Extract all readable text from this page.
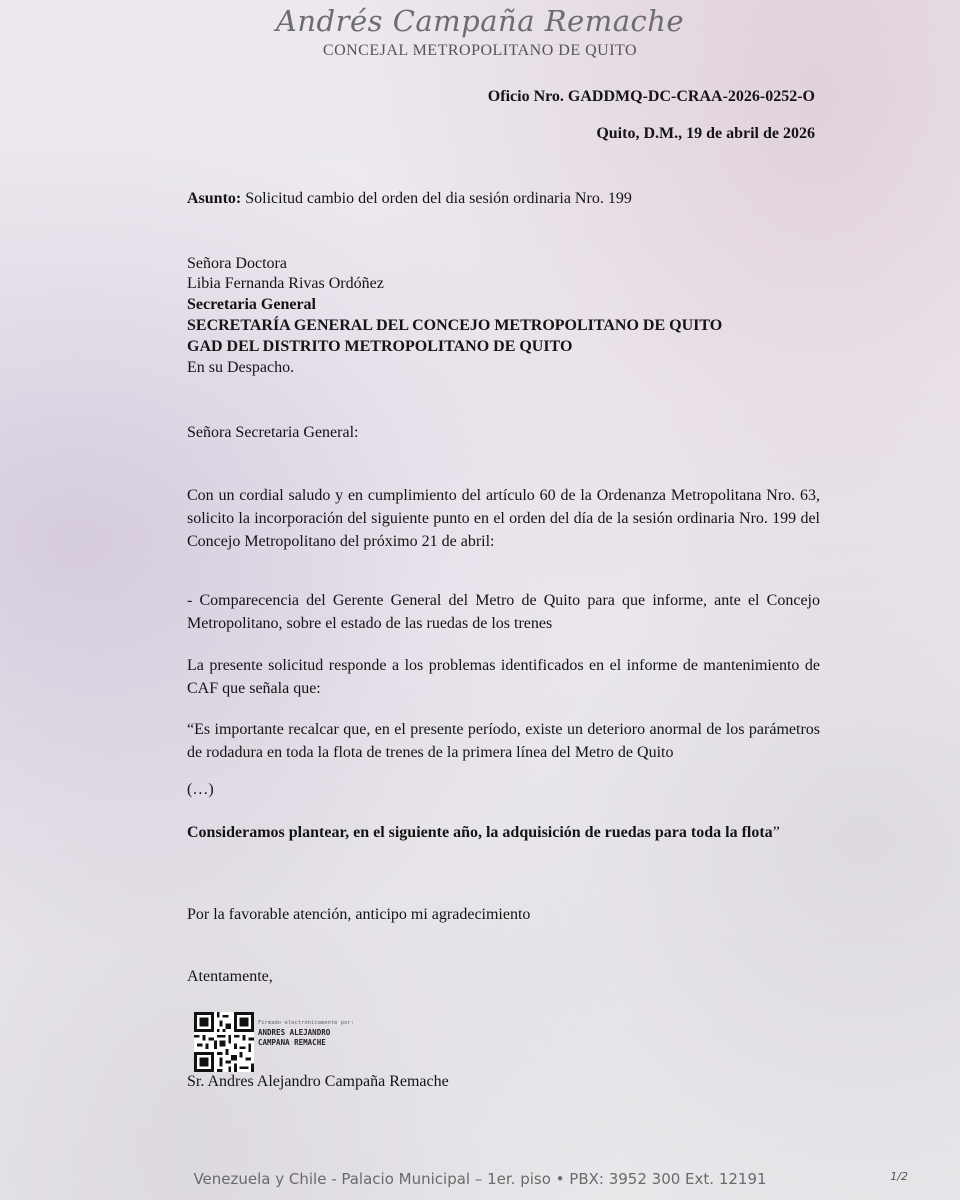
Andrés Campaña Remache
CONCEJAL METROPOLITANO DE QUITO
Oficio Nro. GADDMQ-DC-CRAA-2026-0252-O
Quito, D.M., 19 de abril de 2026
Asunto: Solicitud cambio del orden del dia sesión ordinaria Nro. 199
Señora Doctora
Libia Fernanda Rivas Ordóñez
Secretaria General
SECRETARÍA GENERAL DEL CONCEJO METROPOLITANO DE QUITO
GAD DEL DISTRITO METROPOLITANO DE QUITO
En su Despacho.
Señora Secretaria General:
Con un cordial saludo y en cumplimiento del artículo 60 de la Ordenanza Metropolitana Nro. 63, solicito la incorporación del siguiente punto en el orden del día de la sesión ordinaria Nro. 199 del Concejo Metropolitano del próximo 21 de abril:
- Comparecencia del Gerente General del Metro de Quito para que informe, ante el Concejo Metropolitano, sobre el estado de las ruedas de los trenes
La presente solicitud responde a los problemas identificados en el informe de mantenimiento de CAF que señala que:
“Es importante recalcar que, en el presente período, existe un deterioro anormal de los parámetros de rodadura en toda la flota de trenes de la primera línea del Metro de Quito
(…)
Consideramos plantear, en el siguiente año, la adquisición de ruedas para toda la flota”
Por la favorable atención, anticipo mi agradecimiento
Atentamente,
Firmado electrónicamente por:
ANDRES ALEJANDRO
CAMPANA REMACHE
Sr. Andres Alejandro Campaña Remache
Venezuela y Chile - Palacio Municipal – 1er. piso • PBX: 3952 300 Ext. 12191	1/2
